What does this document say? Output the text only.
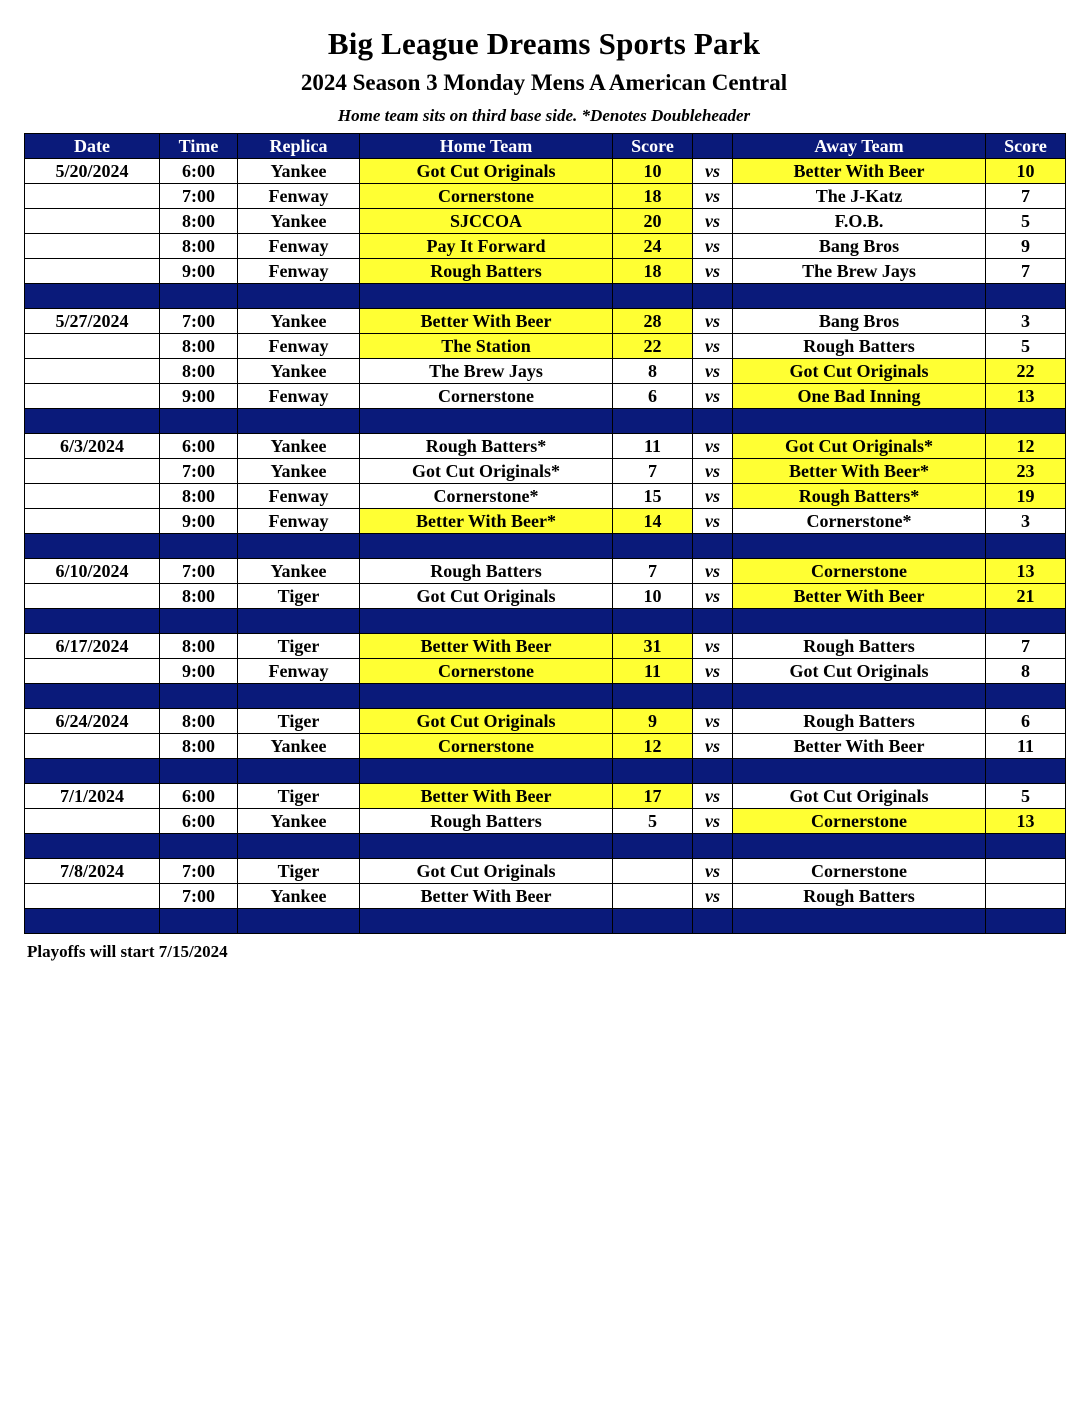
Big League Dreams Sports Park
2024 Season 3 Monday Mens A American Central
Home team sits on third base side. *Denotes Doubleheader
Date	Time	Replica	Home Team	Score		Away Team	Score
5/20/2024	6:00	Yankee	Got Cut Originals	10	vs	Better With Beer	10
	7:00	Fenway	Cornerstone	18	vs	The J-Katz	7
	8:00	Yankee	SJCCOA	20	vs	F.O.B.	5
	8:00	Fenway	Pay It Forward	24	vs	Bang Bros	9
	9:00	Fenway	Rough Batters	18	vs	The Brew Jays	7

5/27/2024	7:00	Yankee	Better With Beer	28	vs	Bang Bros	3
	8:00	Fenway	The Station	22	vs	Rough Batters	5
	8:00	Yankee	The Brew Jays	8	vs	Got Cut Originals	22
	9:00	Fenway	Cornerstone	6	vs	One Bad Inning	13

6/3/2024	6:00	Yankee	Rough Batters*	11	vs	Got Cut Originals*	12
	7:00	Yankee	Got Cut Originals*	7	vs	Better With Beer*	23
	8:00	Fenway	Cornerstone*	15	vs	Rough Batters*	19
	9:00	Fenway	Better With Beer*	14	vs	Cornerstone*	3

6/10/2024	7:00	Yankee	Rough Batters	7	vs	Cornerstone	13
	8:00	Tiger	Got Cut Originals	10	vs	Better With Beer	21

6/17/2024	8:00	Tiger	Better With Beer	31	vs	Rough Batters	7
	9:00	Fenway	Cornerstone	11	vs	Got Cut Originals	8

6/24/2024	8:00	Tiger	Got Cut Originals	9	vs	Rough Batters	6
	8:00	Yankee	Cornerstone	12	vs	Better With Beer	11

7/1/2024	6:00	Tiger	Better With Beer	17	vs	Got Cut Originals	5
	6:00	Yankee	Rough Batters	5	vs	Cornerstone	13

7/8/2024	7:00	Tiger	Got Cut Originals		vs	Cornerstone	
	7:00	Yankee	Better With Beer		vs	Rough Batters	

Playoffs will start 7/15/2024
